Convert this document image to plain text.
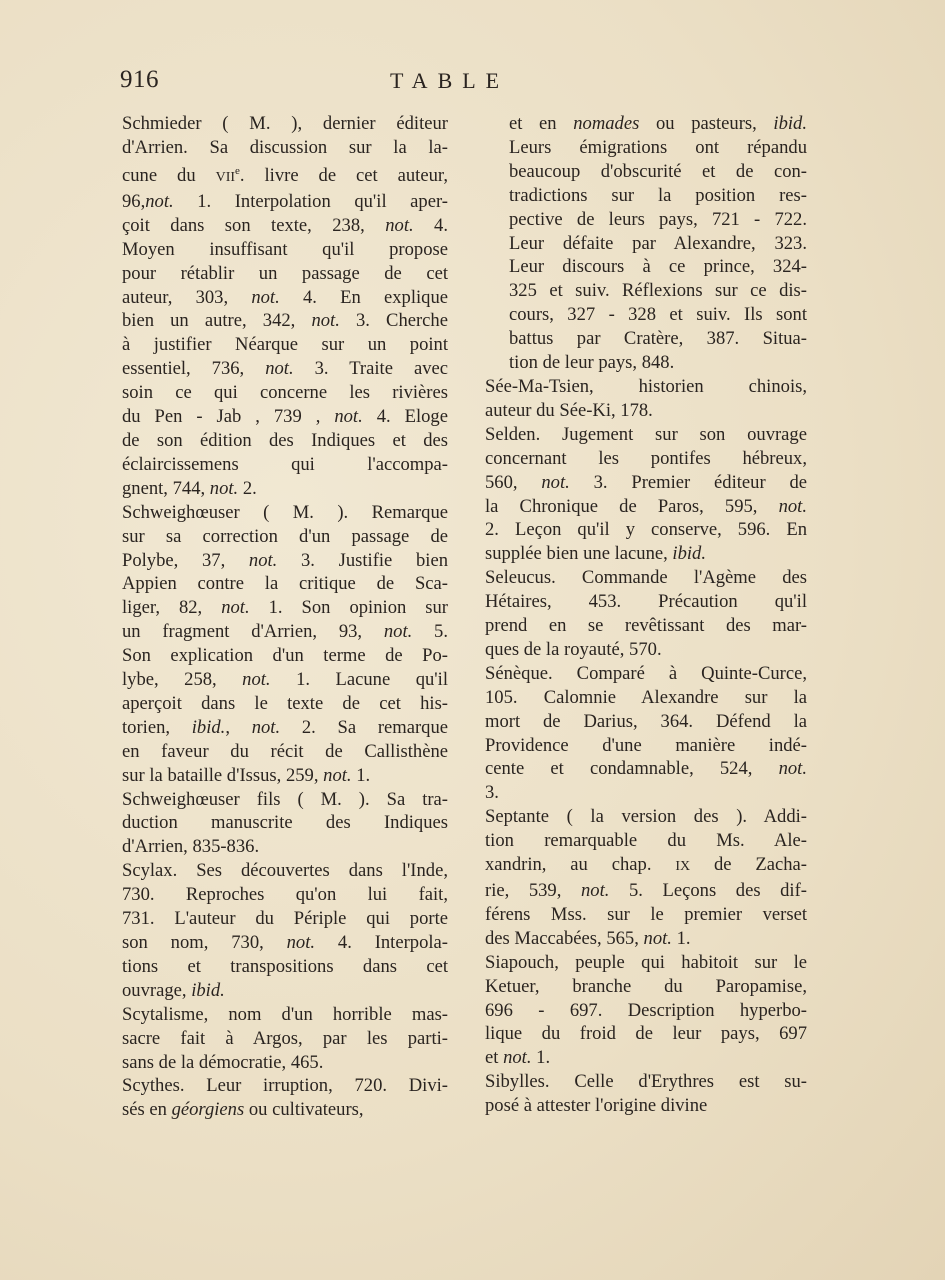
916	TABLE

Schmieder ( M. ), dernier éditeur
d'Arrien. Sa discussion sur la la-
cune du VIIe. livre de cet auteur,
96,not. 1. Interpolation qu'il aper-
çoit dans son texte, 238, not. 4.
Moyen insuffisant qu'il propose
pour rétablir un passage de cet
auteur, 303, not. 4. En explique
bien un autre, 342, not. 3. Cherche
à justifier Néarque sur un point
essentiel, 736, not. 3. Traite avec
soin ce qui concerne les rivières
du Pen - Jab , 739 , not. 4. Eloge
de son édition des Indiques et des
éclaircissemens qui l'accompa-
gnent, 744, not. 2.

Schweighœuser ( M. ). Remarque
sur sa correction d'un passage de
Polybe, 37, not. 3. Justifie bien
Appien contre la critique de Sca-
liger, 82, not. 1. Son opinion sur
un fragment d'Arrien, 93, not. 5.
Son explication d'un terme de Po-
lybe, 258, not. 1. Lacune qu'il
aperçoit dans le texte de cet his-
torien, ibid., not. 2. Sa remarque
en faveur du récit de Callisthène
sur la bataille d'Issus, 259, not. 1.

Schweighœuser fils ( M. ). Sa tra-
duction manuscrite des Indiques
d'Arrien, 835-836.

Scylax. Ses découvertes dans l'Inde,
730. Reproches qu'on lui fait,
731. L'auteur du Périple qui porte
son nom, 730, not. 4. Interpola-
tions et transpositions dans cet
ouvrage, ibid.

Scytalisme, nom d'un horrible mas-
sacre fait à Argos, par les parti-
sans de la démocratie, 465.

Scythes. Leur irruption, 720. Divi-
sés en géorgiens ou cultivateurs,

et en nomades ou pasteurs, ibid.
Leurs émigrations ont répandu
beaucoup d'obscurité et de con-
tradictions sur la position res-
pective de leurs pays, 721 - 722.
Leur défaite par Alexandre, 323.
Leur discours à ce prince, 324-
325 et suiv. Réflexions sur ce dis-
cours, 327 - 328 et suiv. Ils sont
battus par Cratère, 387. Situa-
tion de leur pays, 848.

Sée-Ma-Tsien, historien chinois,
auteur du Sée-Ki, 178.

Selden. Jugement sur son ouvrage
concernant les pontifes hébreux,
560, not. 3. Premier éditeur de
la Chronique de Paros, 595, not.
2. Leçon qu'il y conserve, 596. En
supplée bien une lacune, ibid.

Seleucus. Commande l'Agème des
Hétaires, 453. Précaution qu'il
prend en se revêtissant des mar-
ques de la royauté, 570.

Sénèque. Comparé à Quinte-Curce,
105. Calomnie Alexandre sur la
mort de Darius, 364. Défend la
Providence d'une manière indé-
cente et condamnable, 524, not.
3.

Septante ( la version des ). Addi-
tion remarquable du Ms. Ale-
xandrin, au chap. IX de Zacha-
rie, 539, not. 5. Leçons des dif-
férens Mss. sur le premier verset
des Maccabées, 565, not. 1.

Siapouch, peuple qui habitoit sur le
Ketuer, branche du Paropamise,
696 - 697. Description hyperbo-
lique du froid de leur pays, 697
et not. 1.

Sibylles. Celle d'Erythres est su-
posé à attester l'origine divine
